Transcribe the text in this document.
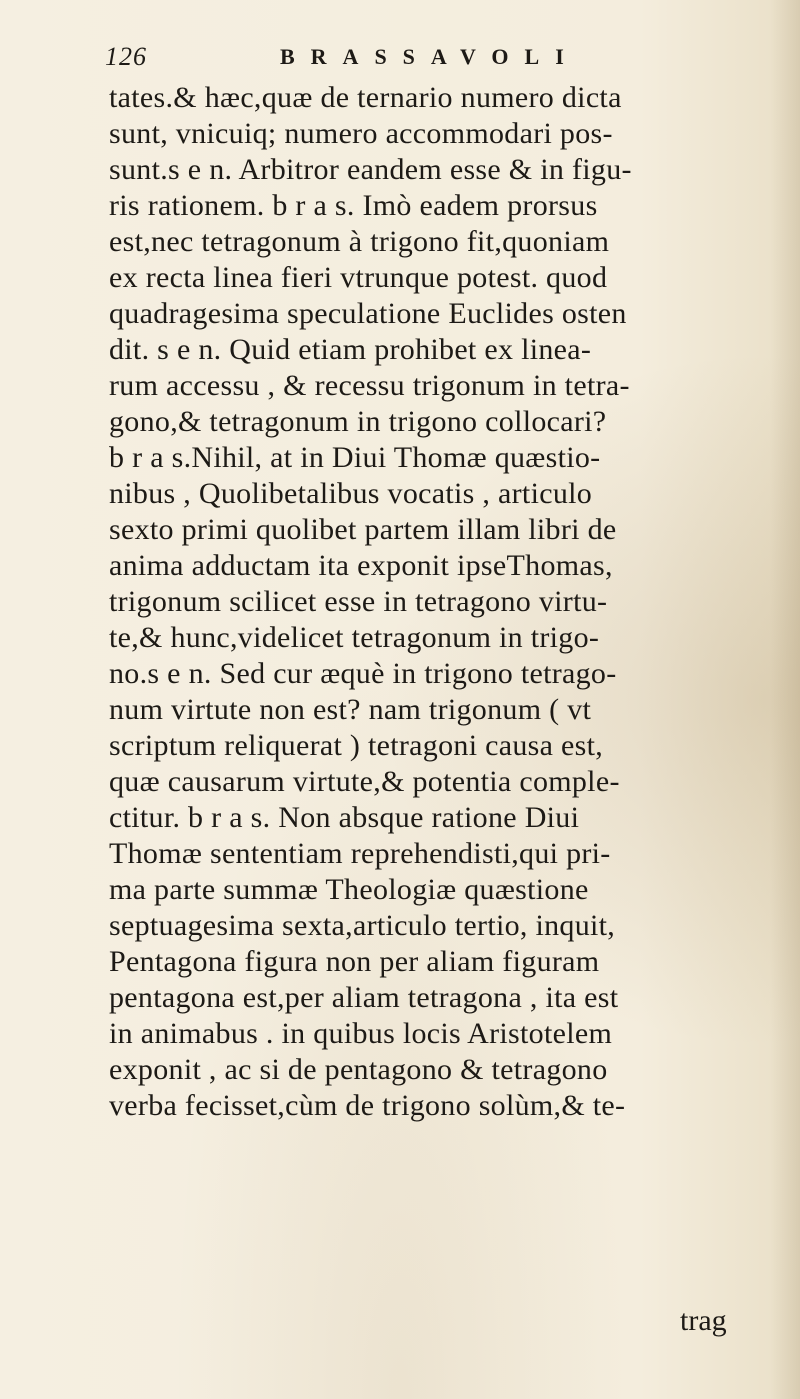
126	BRASSAVOLI
tates.& hæc,quæ de ternario numero dicta
sunt, vnicuiq; numero accommodari pos-
sunt.s e n. Arbitror eandem esse & in figu-
ris rationem. b r a s. Imò eadem prorsus
est,nec tetragonum à trigono fit,quoniam
ex recta linea fieri vtrunque potest. quod
quadragesima speculatione Euclides osten
dit. s e n. Quid etiam prohibet ex linea-
rum accessu , & recessu trigonum in tetra-
gono,& tetragonum in trigono collocari?
b r a s.Nihil, at in Diui Thomæ quæstio-
nibus , Quolibetalibus vocatis , articulo
sexto primi quolibet partem illam libri de
anima adductam ita exponit ipseThomas,
trigonum scilicet esse in tetragono virtu-
te,& hunc,videlicet tetragonum in trigo-
no.s e n. Sed cur æquè in trigono tetrago-
num virtute non est? nam trigonum ( vt
scriptum reliquerat ) tetragoni causa est,
quæ causarum virtute,& potentia comple-
ctitur. b r a s. Non absque ratione Diui
Thomæ sententiam reprehendisti,qui pri-
ma parte summæ Theologiæ quæstione
septuagesima sexta,articulo tertio, inquit,
Pentagona figura non per aliam figuram
pentagona est,per aliam tetragona , ita est
in animabus . in quibus locis Aristotelem
exponit , ac si de pentagono & tetragono
verba fecisset,cùm de trigono solùm,& te-
trag
